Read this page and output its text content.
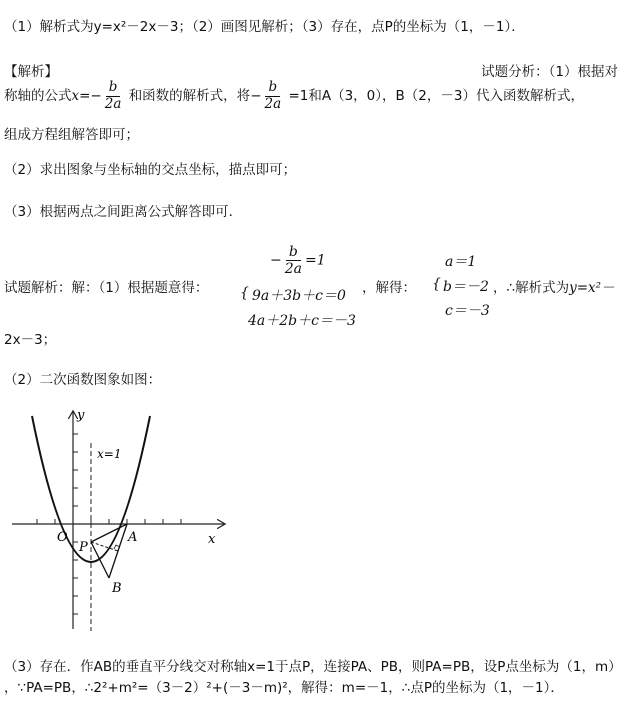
（1）解析式为y=x²－2x－3；（2）画图见解析；（3）存在，点P的坐标为（1，－1）．
【解析】	试题分析：（1）根据对
称轴的公式$x=- \frac{b}{2a}$ 和函数的解析式，将− $\frac{b}{2a} =1$和A（3，0），B（2，－3）代入函数解析式，
组成方程组解答即可；
（2）求出图象与坐标轴的交点坐标，描点即可；
（3）根据两点之间距离公式解答即可．
试题解析：解：（1）根据题意得：
− $\frac{b}{2a} =1$
{ 9a＋3b＋c＝0
4a＋2b＋c＝－3
，解得：
a＝1
{ b＝－2
c＝－3
，∴解析式为y=x²－
2x－3；
（2）二次函数图象如图：
y
x
O
x=1
P
A
B
（3）存在．作AB的垂直平分线交对称轴x=1于点P，连接PA、PB，则PA=PB，设P点坐标为（1，m）
，∵PA=PB，∴2²+m²=（3－2）²+(－3－m)²，解得：m=－1，∴点P的坐标为（1，－1）．
